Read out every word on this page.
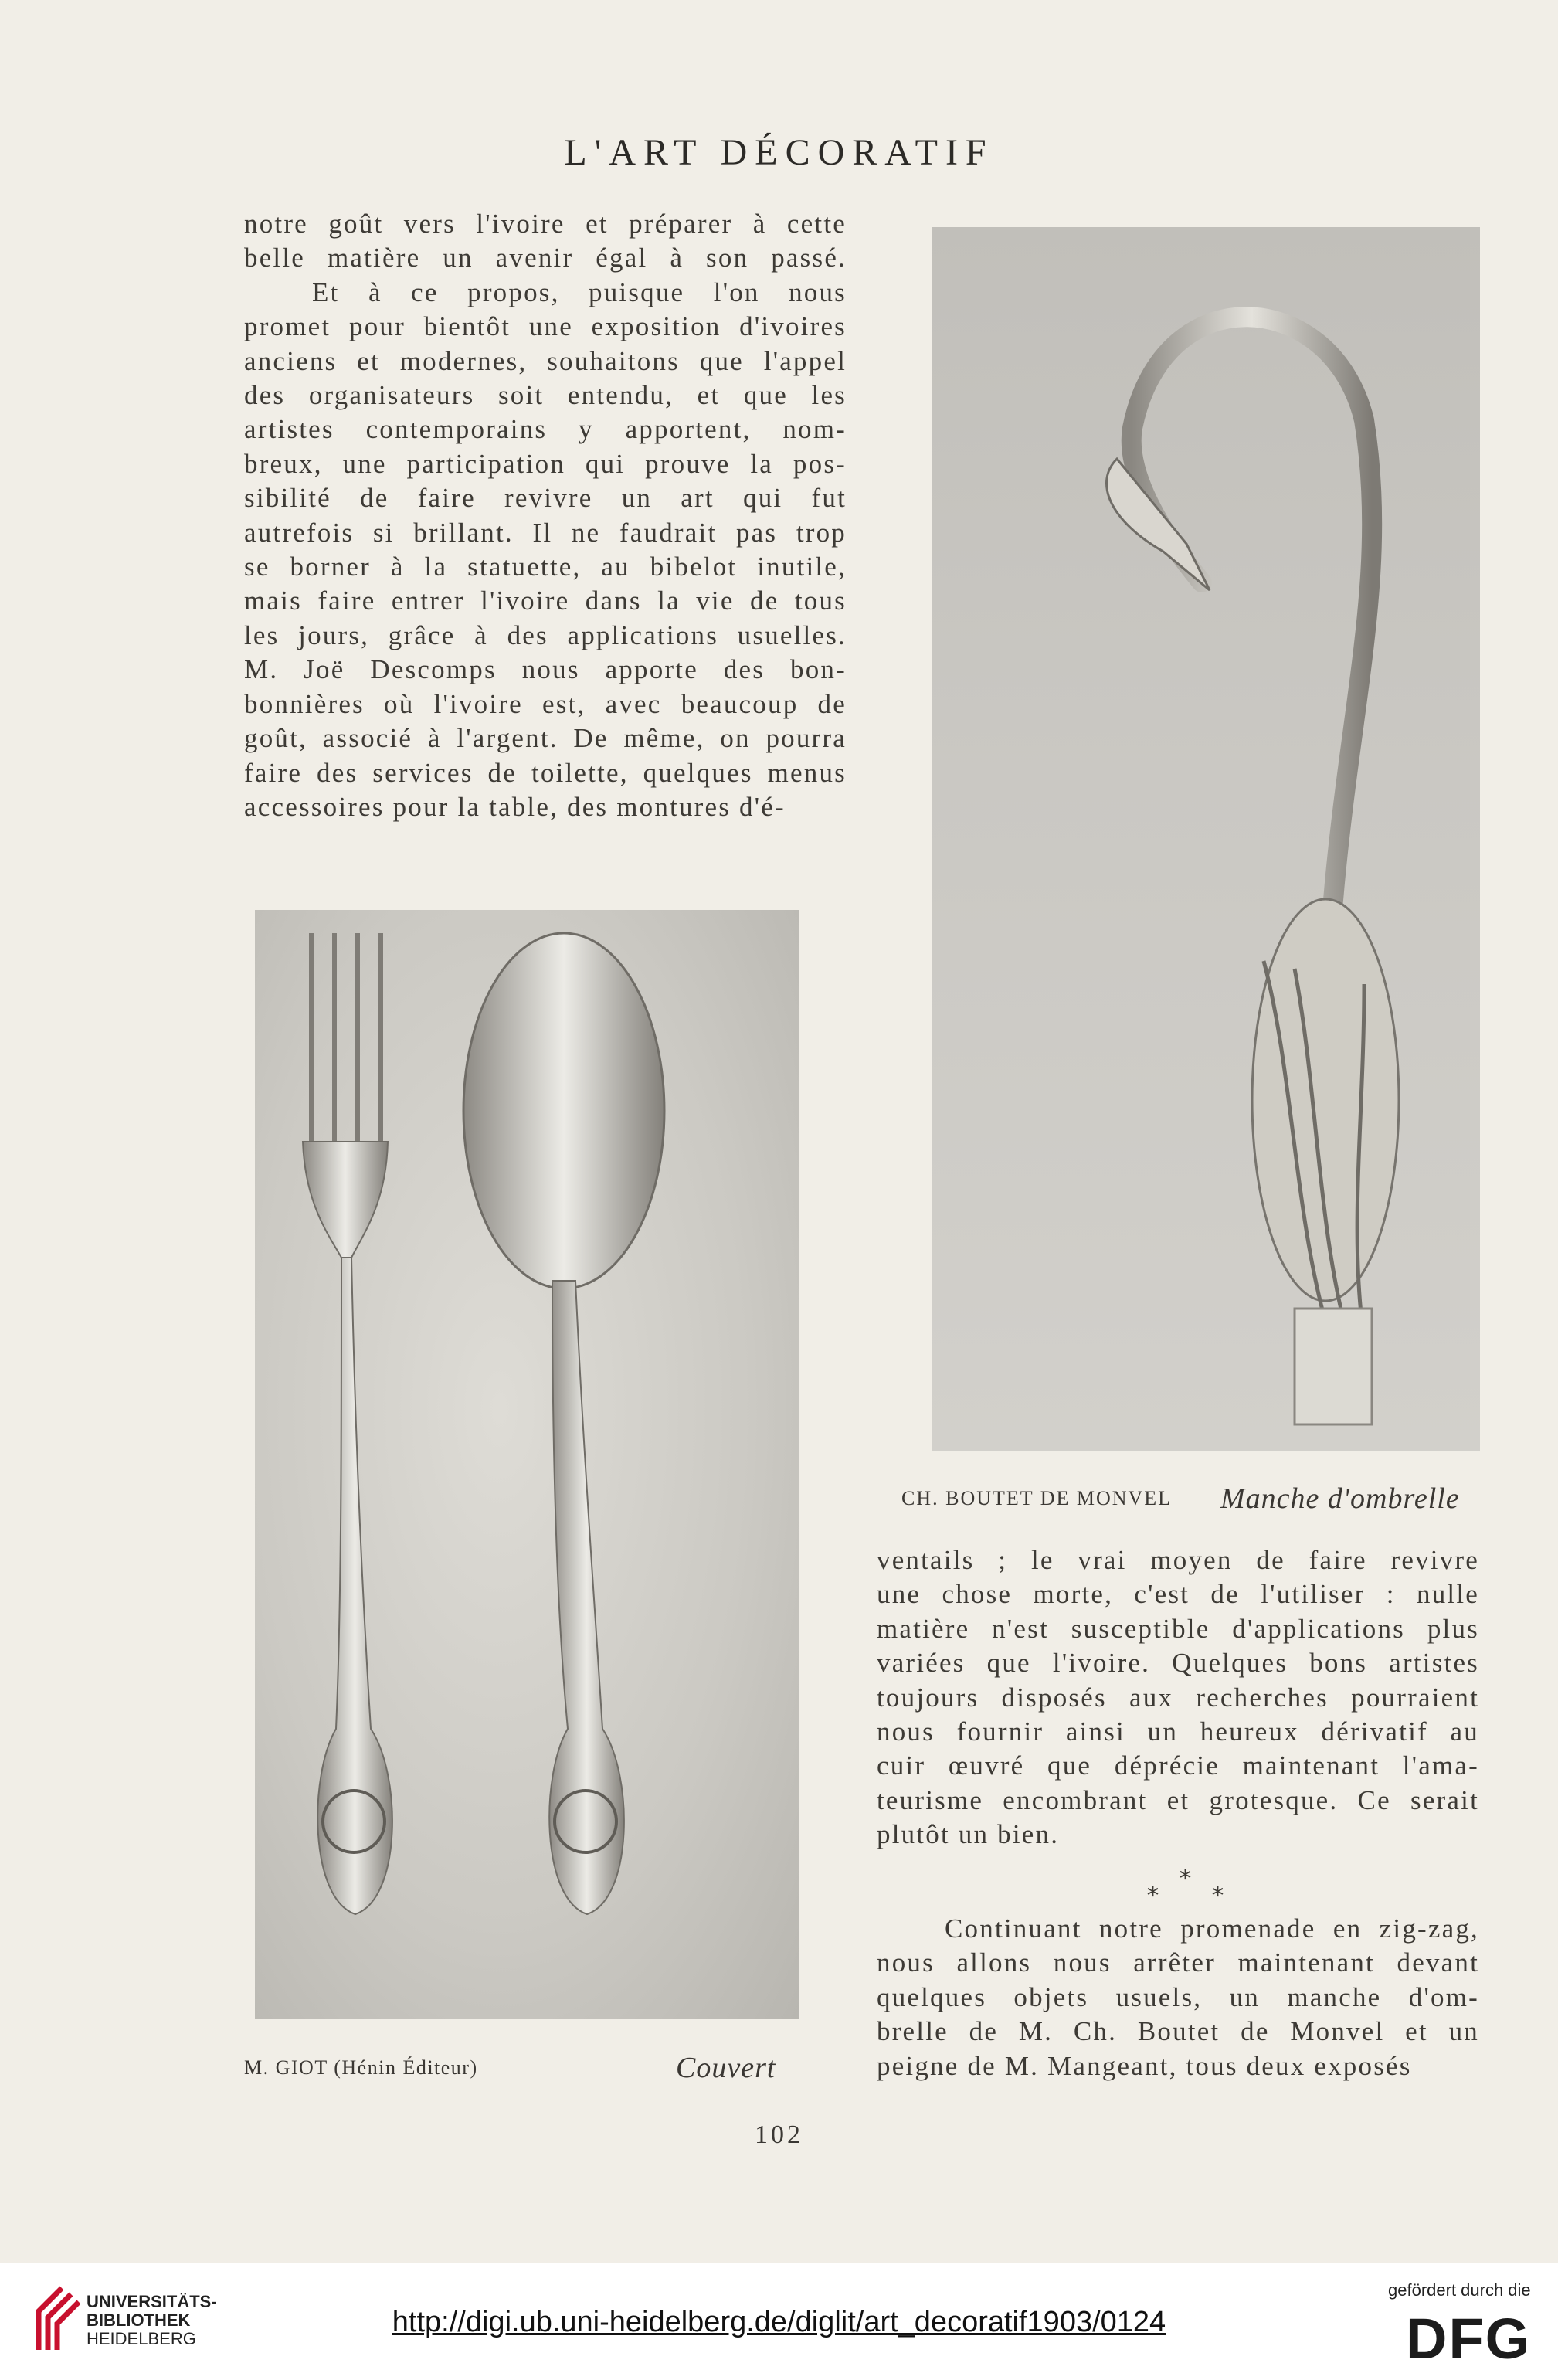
L'ART DÉCORATIF
notre goût vers l'ivoire et préparer à cette
belle matière un avenir égal à son passé.
Et à ce propos, puisque l'on nous
promet pour bientôt une exposition d'ivoires
anciens et modernes, souhaitons que l'appel
des organisateurs soit entendu, et que les
artistes contemporains y apportent, nom-
breux, une participation qui prouve la pos-
sibilité de faire revivre un art qui fut
autrefois si brillant. Il ne faudrait pas trop
se borner à la statuette, au bibelot inutile,
mais faire entrer l'ivoire dans la vie de tous
les jours, grâce à des applications usuelles.
M. Joë Descomps nous apporte des bon-
bonnières où l'ivoire est, avec beaucoup de
goût, associé à l'argent. De même, on pourra
faire des services de toilette, quelques menus
accessoires pour la table, des montures d'é-
CH. BOUTET DE MONVEL Manche d'ombrelle
M. GIOT (Hénin Éditeur)	Couvert
ventails ; le vrai moyen de faire revivre
une chose morte, c'est de l'utiliser : nulle
matière n'est susceptible d'applications plus
variées que l'ivoire. Quelques bons artistes
toujours disposés aux recherches pourraient
nous fournir ainsi un heureux dérivatif au
cuir œuvré que déprécie maintenant l'ama-
teurisme encombrant et grotesque. Ce serait
plutôt un bien.
*
* *
Continuant notre promenade en zig-zag,
nous allons nous arrêter maintenant devant
quelques objets usuels, un manche d'om-
brelle de M. Ch. Boutet de Monvel et un
peigne de M. Mangeant, tous deux exposés
102
UNIVERSITÄTS-
BIBLIOTHEK
HEIDELBERG
http://digi.ub.uni-heidelberg.de/diglit/art_decoratif1903/0124
gefördert durch die
DFG
